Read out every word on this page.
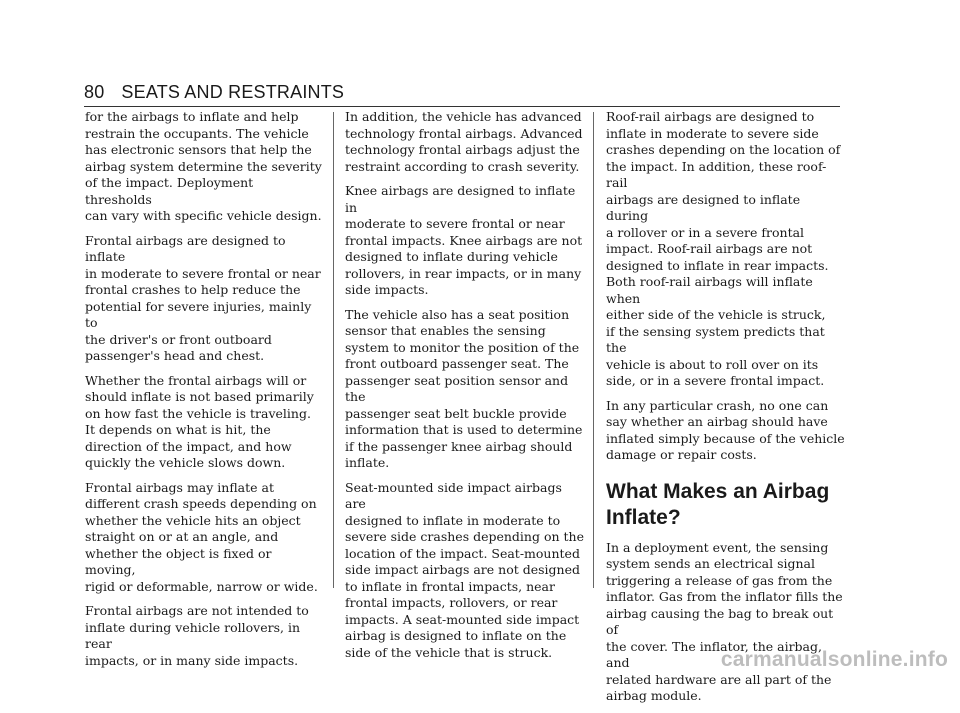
80 SEATS AND RESTRAINTS

for the airbags to inflate and help
restrain the occupants. The vehicle
has electronic sensors that help the
airbag system determine the severity
of the impact. Deployment thresholds
can vary with specific vehicle design.

Frontal airbags are designed to inflate
in moderate to severe frontal or near
frontal crashes to help reduce the
potential for severe injuries, mainly to
the driver's or front outboard
passenger's head and chest.

Whether the frontal airbags will or
should inflate is not based primarily
on how fast the vehicle is traveling.
It depends on what is hit, the
direction of the impact, and how
quickly the vehicle slows down.

Frontal airbags may inflate at
different crash speeds depending on
whether the vehicle hits an object
straight on or at an angle, and
whether the object is fixed or moving,
rigid or deformable, narrow or wide.

Frontal airbags are not intended to
inflate during vehicle rollovers, in rear
impacts, or in many side impacts.

In addition, the vehicle has advanced
technology frontal airbags. Advanced
technology frontal airbags adjust the
restraint according to crash severity.

Knee airbags are designed to inflate in
moderate to severe frontal or near
frontal impacts. Knee airbags are not
designed to inflate during vehicle
rollovers, in rear impacts, or in many
side impacts.

The vehicle also has a seat position
sensor that enables the sensing
system to monitor the position of the
front outboard passenger seat. The
passenger seat position sensor and the
passenger seat belt buckle provide
information that is used to determine
if the passenger knee airbag should
inflate.

Seat-mounted side impact airbags are
designed to inflate in moderate to
severe side crashes depending on the
location of the impact. Seat-mounted
side impact airbags are not designed
to inflate in frontal impacts, near
frontal impacts, rollovers, or rear
impacts. A seat-mounted side impact
airbag is designed to inflate on the
side of the vehicle that is struck.

Roof-rail airbags are designed to
inflate in moderate to severe side
crashes depending on the location of
the impact. In addition, these roof-rail
airbags are designed to inflate during
a rollover or in a severe frontal
impact. Roof-rail airbags are not
designed to inflate in rear impacts.
Both roof-rail airbags will inflate when
either side of the vehicle is struck,
if the sensing system predicts that the
vehicle is about to roll over on its
side, or in a severe frontal impact.

In any particular crash, no one can
say whether an airbag should have
inflated simply because of the vehicle
damage or repair costs.

What Makes an Airbag
Inflate?

In a deployment event, the sensing
system sends an electrical signal
triggering a release of gas from the
inflator. Gas from the inflator fills the
airbag causing the bag to break out of
the cover. The inflator, the airbag, and
related hardware are all part of the
airbag module.

carmanualsonline.info
